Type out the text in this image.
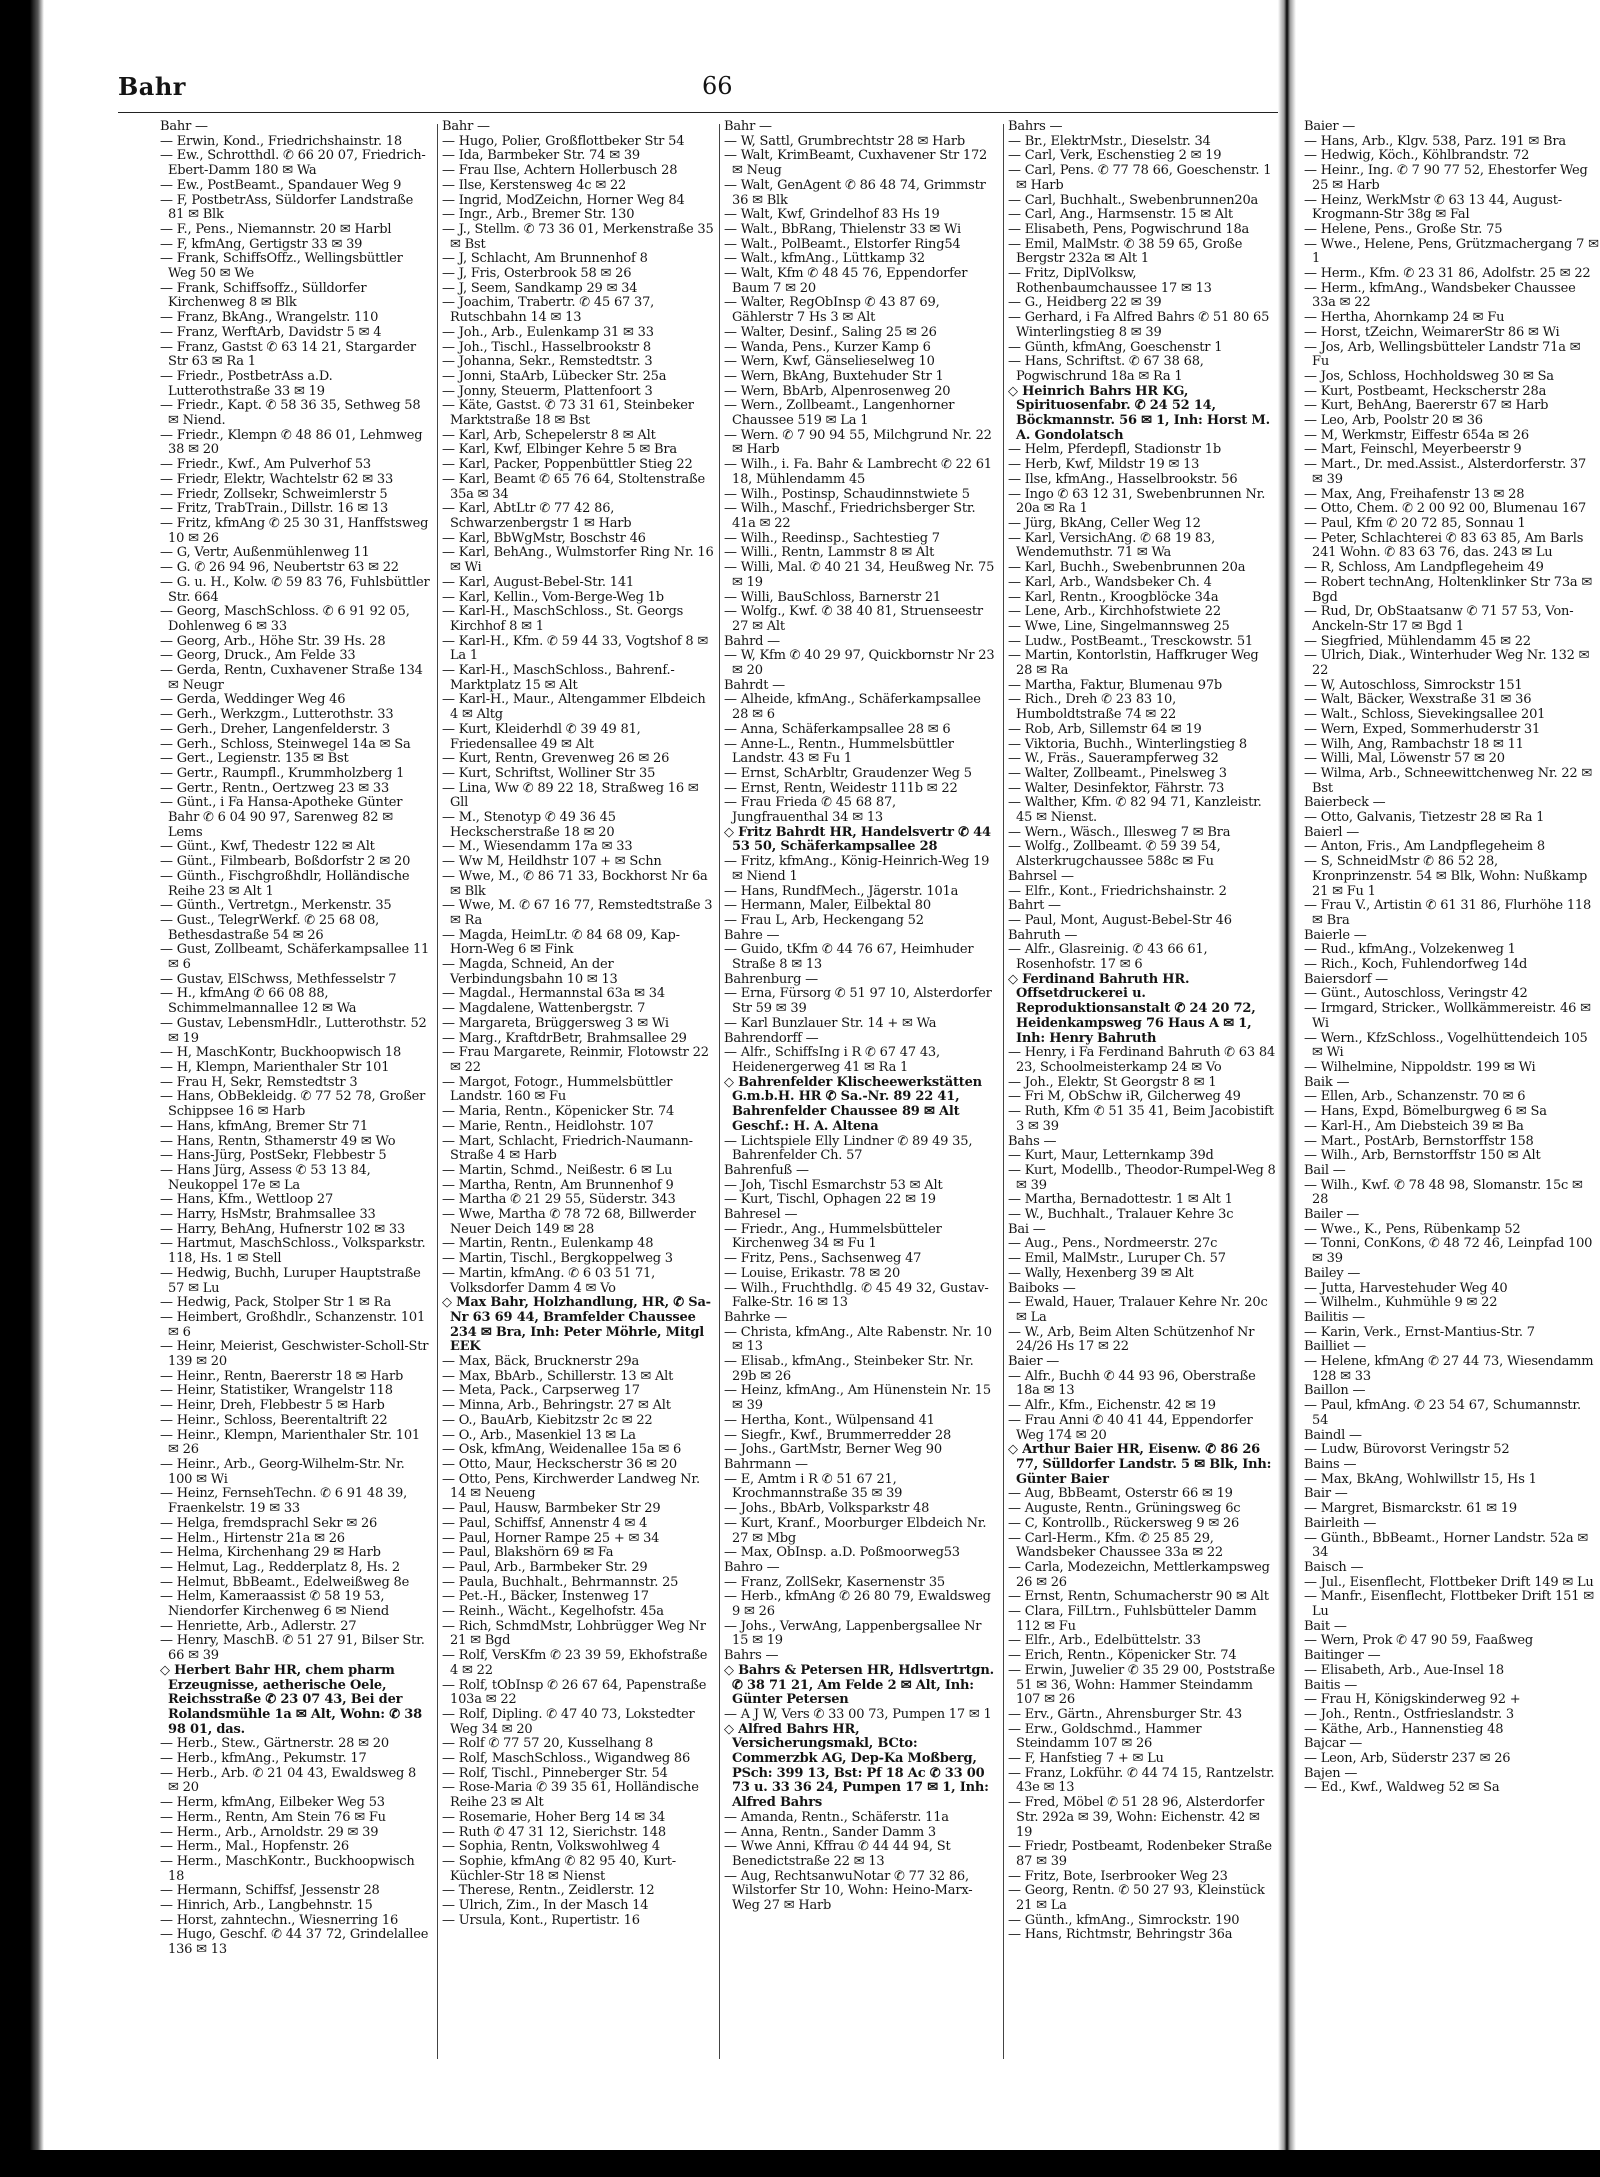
Baier —

— Hans, Arb., Klgv. 538, Parz. 191 ✉ Bra

— Hedwig, Köch., Köhlbrandstr. 72

— Heinr., Ing. ✆ 7 90 77 52, Ehestorfer Weg 25 ✉ Harb

— Heinz, WerkMstr ✆ 63 13 44, August-Krogmann-Str 38g ✉ Fal

— Helene, Pens., Große Str. 75

— Wwe., Helene, Pens, Grützmachergang 7 ✉ 1

— Herm., Kfm. ✆ 23 31 86, Adolfstr. 25 ✉ 22

— Herm., kfmAng., Wandsbeker Chaussee 33a ✉ 22

— Hertha, Ahornkamp 24 ✉ Fu

— Horst, tZeichn, WeimarerStr 86 ✉ Wi

— Jos, Arb, Wellingsbütteler Landstr 71a ✉ Fu

— Jos, Schloss, Hochholdsweg 30 ✉ Sa

— Kurt, Postbeamt, Heckscherstr 28a

— Kurt, BehAng, Baererstr 67 ✉ Harb

— Leo, Arb, Poolstr 20 ✉ 36

— M, Werkmstr, Eiffestr 654a ✉ 26

— Mart, Feinschl, Meyerbeerstr 9

— Mart., Dr. med.Assist., Alsterdorferstr. 37 ✉ 39

— Max, Ang, Freihafenstr 13 ✉ 28

— Otto, Chem. ✆ 2 00 92 00, Blumenau 167

— Paul, Kfm ✆ 20 72 85, Sonnau 1

— Peter, Schlachterei ✆ 83 63 85, Am Barls 241 Wohn. ✆ 83 63 76, das. 243 ✉ Lu

— R, Schloss, Am Landpflegeheim 49

— Robert technAng, Holtenklinker Str 73a ✉ Bgd

— Rud, Dr, ObStaatsanw ✆ 71 57 53, Von-Anckeln-Str 17 ✉ Bgd 1

— Siegfried, Mühlendamm 45 ✉ 22

— Ulrich, Diak., Winterhuder Weg Nr. 132 ✉ 22

— W, Autoschloss, Simrockstr 151

— Walt, Bäcker, Wexstraße 31 ✉ 36

— Walt., Schloss, Sievekingsallee 201

— Wern, Exped, Sommerhuderstr 31

— Wilh, Ang, Rambachstr 18 ✉ 11

— Willi, Mal, Löwenstr 57 ✉ 20

— Wilma, Arb., Schneewittchenweg Nr. 22 ✉ Bst

Baierbeck —

— Otto, Galvanis, Tietzestr 28 ✉ Ra 1

Baierl —

— Anton, Fris., Am Landpflegeheim 8

— S, SchneidMstr ✆ 86 52 28, Kronprinzenstr. 54 ✉ Blk, Wohn: Nußkamp 21 ✉ Fu 1

— Frau V., Artistin ✆ 61 31 86, Flurhöhe 118 ✉ Bra

Baierle —

— Rud., kfmAng., Volzekenweg 1

— Rich., Koch, Fuhlendorfweg 14d

Baiersdorf —

— Günt., Autoschloss, Veringstr 42

— Irmgard, Stricker., Wollkämmereistr. 46 ✉ Wi

— Wern., KfzSchloss., Vogelhüttendeich 105 ✉ Wi

— Wilhelmine, Nippoldstr. 199 ✉ Wi

Baik —

— Ellen, Arb., Schanzenstr. 70 ✉ 6

— Hans, Expd, Bömelburgweg 6 ✉ Sa

— Karl-H., Am Diebsteich 39 ✉ Ba

— Mart., PostArb, Bernstorffstr 158

— Wilh., Arb, Bernstorffstr 150 ✉ Alt

Bail —

— Wilh., Kwf. ✆ 78 48 98, Slomanstr. 15c ✉ 28

Bailer —

— Wwe., K., Pens, Rübenkamp 52

— Tonni, ConKons, ✆ 48 72 46, Leinpfad 100 ✉ 39

Bailey —

— Jutta, Harvestehuder Weg 40

— Wilhelm., Kuhmühle 9 ✉ 22

Bailitis —

— Karin, Verk., Ernst-Mantius-Str. 7

Bailliet —

— Helene, kfmAng ✆ 27 44 73, Wiesendamm 128 ✉ 33

Baillon —

— Paul, kfmAng. ✆ 23 54 67, Schumannstr. 54

Baindl —

— Ludw, Bürovorst Veringstr 52

Bains —

— Max, BkAng, Wohlwillstr 15, Hs 1

Bair —

— Margret, Bismarckstr. 61 ✉ 19

Bairleith —

— Günth., BbBeamt., Horner Landstr. 52a ✉ 34

Baisch —

— Jul., Eisenflecht, Flottbeker Drift 149 ✉ Lu

— Manfr., Eisenflecht, Flottbeker Drift 151 ✉ Lu

Bait —

— Wern, Prok ✆ 47 90 59, Faaßweg

Baitinger —

— Elisabeth, Arb., Aue-Insel 18

Baitis —

— Frau H, Königskinderweg 92 +

— Joh., Rentn., Ostfrieslandstr. 3

— Käthe, Arb., Hannenstieg 48

Bajcar —

— Leon, Arb, Süderstr 237 ✉ 26

Bajen —

— Ed., Kwf., Waldweg 52 ✉ Sa

Bahr	66

Bahr —

— Erwin, Kond., Friedrichshainstr. 18

— Ew., Schrotthdl. ✆ 66 20 07, Friedrich-Ebert-Damm 180 ✉ Wa

— Ew., PostBeamt., Spandauer Weg 9

— F, PostbetrAss, Süldorfer Landstraße 81 ✉ Blk

— F., Pens., Niemannstr. 20 ✉ Harbl

— F, kfmAng, Gertigstr 33 ✉ 39

— Frank, SchiffsOffz., Wellingsbüttler Weg 50 ✉ We

— Frank, Schiffsoffz., Sülldorfer Kirchenweg 8 ✉ Blk

— Franz, BkAng., Wrangelstr. 110

— Franz, WerftArb, Davidstr 5 ✉ 4

— Franz, Gastst ✆ 63 14 21, Stargarder Str 63 ✉ Ra 1

— Friedr., PostbetrAss a.D. Lutterothstraße 33 ✉ 19

— Friedr., Kapt. ✆ 58 36 35, Sethweg 58 ✉ Niend.

— Friedr., Klempn ✆ 48 86 01, Lehmweg 38 ✉ 20

— Friedr., Kwf., Am Pulverhof 53

— Friedr, Elektr, Wachtelstr 62 ✉ 33

— Friedr, Zollsekr, Schweimlerstr 5

— Fritz, TrabTrain., Dillstr. 16 ✉ 13

— Fritz, kfmAng ✆ 25 30 31, Hanffstsweg 10 ✉ 26

— G, Vertr, Außenmühlenweg 11

— G. ✆ 26 94 96, Neubertstr 63 ✉ 22

— G. u. H., Kolw. ✆ 59 83 76, Fuhlsbüttler Str. 664

— Georg, MaschSchloss. ✆ 6 91 92 05, Dohlenweg 6 ✉ 33

— Georg, Arb., Höhe Str. 39 Hs. 28

— Georg, Druck., Am Felde 33

— Gerda, Rentn, Cuxhavener Straße 134 ✉ Neugr

— Gerda, Weddinger Weg 46

— Gerh., Werkzgm., Lutterothstr. 33

— Gerh., Dreher, Langenfelderstr. 3

— Gerh., Schloss, Steinwegel 14a ✉ Sa

— Gert., Legienstr. 135 ✉ Bst

— Gertr., Raumpfl., Krummholzberg 1

— Gertr., Rentn., Oertzweg 23 ✉ 33

— Günt., i Fa Hansa-Apotheke Günter Bahr ✆ 6 04 90 97, Sarenweg 82 ✉ Lems

— Günt., Kwf, Thedestr 122 ✉ Alt

— Günt., Filmbearb, Boßdorfstr 2 ✉ 20

— Günth., Fischgroßhdlr, Holländische Reihe 23 ✉ Alt 1

— Günth., Vertretgn., Merkenstr. 35

— Gust., TelegrWerkf. ✆ 25 68 08, Bethesdastraße 54 ✉ 26

— Gust, Zollbeamt, Schäferkampsallee 11 ✉ 6

— Gustav, ElSchwss, Methfesselstr 7

— H., kfmAng ✆ 66 08 88, Schimmelmannallee 12 ✉ Wa

— Gustav, LebensmHdlr., Lutterothstr. 52 ✉ 19

— H, MaschKontr, Buckhoopwisch 18

— H, Klempn, Marienthaler Str 101

— Frau H, Sekr, Remstedtstr 3

— Hans, ObBekleidg. ✆ 77 52 78, Großer Schippsee 16 ✉ Harb

— Hans, kfmAng, Bremer Str 71

— Hans, Rentn, Sthamerstr 49 ✉ Wo

— Hans-Jürg, PostSekr, Flebbestr 5

— Hans Jürg, Assess ✆ 53 13 84, Neukoppel 17e ✉ La

— Hans, Kfm., Wettloop 27

— Harry, HsMstr, Brahmsallee 33

— Harry, BehAng, Hufnerstr 102 ✉ 33

— Hartmut, MaschSchloss., Volksparkstr. 118, Hs. 1 ✉ Stell

— Hedwig, Buchh, Luruper Hauptstraße 57 ✉ Lu

— Hedwig, Pack, Stolper Str 1 ✉ Ra

— Heimbert, Großhdlr., Schanzenstr. 101 ✉ 6

— Heinr, Meierist, Geschwister-Scholl-Str 139 ✉ 20

— Heinr., Rentn, Baererstr 18 ✉ Harb

— Heinr, Statistiker, Wrangelstr 118

— Heinr, Dreh, Flebbestr 5 ✉ Harb

— Heinr., Schloss, Beerentaltrift 22

— Heinr., Klempn, Marienthaler Str. 101 ✉ 26

— Heinr., Arb., Georg-Wilhelm-Str. Nr. 100 ✉ Wi

— Heinz, FernsehTechn. ✆ 6 91 48 39, Fraenkelstr. 19 ✉ 33

— Helga, fremdsprachl Sekr ✉ 26

— Helm., Hirtenstr 21a ✉ 26

— Helma, Kirchenhang 29 ✉ Harb

— Helmut, Lag., Redderplatz 8, Hs. 2

— Helmut, BbBeamt., Edelweißweg 8e

— Helm, Kameraassist ✆ 58 19 53, Niendorfer Kirchenweg 6 ✉ Niend

— Henriette, Arb., Adlerstr. 27

— Henry, MaschB. ✆ 51 27 91, Bilser Str. 66 ✉ 39

◇ Herbert Bahr HR, chem pharm Erzeugnisse, aetherische Oele, Reichsstraße ✆ 23 07 43, Bei der Rolandsmühle 1a ✉ Alt, Wohn: ✆ 38 98 01, das.

— Herb., Stew., Gärtnerstr. 28 ✉ 20

— Herb., kfmAng., Pekumstr. 17

— Herb., Arb. ✆ 21 04 43, Ewaldsweg 8 ✉ 20

— Herm, kfmAng, Eilbeker Weg 53

— Herm., Rentn, Am Stein 76 ✉ Fu

— Herm., Arb., Arnoldstr. 29 ✉ 39

— Herm., Mal., Hopfenstr. 26

— Herm., MaschKontr., Buckhoopwisch 18

— Hermann, Schiffsf, Jessenstr 28

— Hinrich, Arb., Langbehnstr. 15

— Horst, zahntechn., Wiesnerring 16

— Hugo, Geschf. ✆ 44 37 72, Grindelallee 136 ✉ 13

Bahr —

— Hugo, Polier, Großflottbeker Str 54

— Ida, Barmbeker Str. 74 ✉ 39

— Frau Ilse, Achtern Hollerbusch 28

— Ilse, Kerstensweg 4c ✉ 22

— Ingrid, ModZeichn, Horner Weg 84

— Ingr., Arb., Bremer Str. 130

— J., Stellm. ✆ 73 36 01, Merkenstraße 35 ✉ Bst

— J, Schlacht, Am Brunnenhof 8

— J, Fris, Osterbrook 58 ✉ 26

— J, Seem, Sandkamp 29 ✉ 34

— Joachim, Trabertr. ✆ 45 67 37, Rutschbahn 14 ✉ 13

— Joh., Arb., Eulenkamp 31 ✉ 33

— Joh., Tischl., Hasselbrookstr 8

— Johanna, Sekr., Remstedtstr. 3

— Jonni, StaArb, Lübecker Str. 25a

— Jonny, Steuerm, Plattenfoort 3

— Käte, Gastst. ✆ 73 31 61, Steinbeker Marktstraße 18 ✉ Bst

— Karl, Arb, Schepelerstr 8 ✉ Alt

— Karl, Kwf, Elbinger Kehre 5 ✉ Bra

— Karl, Packer, Poppenbüttler Stieg 22

— Karl, Beamt ✆ 65 76 64, Stoltenstraße 35a ✉ 34

— Karl, AbtLtr ✆ 77 42 86, Schwarzenbergstr 1 ✉ Harb

— Karl, BbWgMstr, Boschstr 46

— Karl, BehAng., Wulmstorfer Ring Nr. 16 ✉ Wi

— Karl, August-Bebel-Str. 141

— Karl, Kellin., Vom-Berge-Weg 1b

— Karl-H., MaschSchloss., St. Georgs Kirchhof 8 ✉ 1

— Karl-H., Kfm. ✆ 59 44 33, Vogtshof 8 ✉ La 1

— Karl-H., MaschSchloss., Bahrenf.-Marktplatz 15 ✉ Alt

— Karl-H., Maur., Altengammer Elbdeich 4 ✉ Altg

— Kurt, Kleiderhdl ✆ 39 49 81, Friedensallee 49 ✉ Alt

— Kurt, Rentn, Grevenweg 26 ✉ 26

— Kurt, Schriftst, Wolliner Str 35

— Lina, Ww ✆ 89 22 18, Straßweg 16 ✉ Gll

— M., Stenotyp ✆ 49 36 45 Heckscherstraße 18 ✉ 20

— M., Wiesendamm 17a ✉ 33

— Ww M, Heildhstr 107 + ✉ Schn

— Wwe, M., ✆ 86 71 33, Bockhorst Nr 6a ✉ Blk

— Wwe, M. ✆ 67 16 77, Remstedtstraße 3 ✉ Ra

— Magda, HeimLtr. ✆ 84 68 09, Kap-Horn-Weg 6 ✉ Fink

— Magda, Schneid, An der Verbindungsbahn 10 ✉ 13

— Magdal., Hermannstal 63a ✉ 34

— Magdalene, Wattenbergstr. 7

— Margareta, Brüggersweg 3 ✉ Wi

— Marg., KraftdrBetr, Brahmsallee 29

— Frau Margarete, Reinmir, Flotowstr 22 ✉ 22

— Margot, Fotogr., Hummelsbüttler Landstr. 160 ✉ Fu

— Maria, Rentn., Köpenicker Str. 74

— Marie, Rentn., Heidlohstr. 107

— Mart, Schlacht, Friedrich-Naumann-Straße 4 ✉ Harb

— Martin, Schmd., Neißestr. 6 ✉ Lu

— Martha, Rentn, Am Brunnenhof 9

— Martha ✆ 21 29 55, Süderstr. 343

— Wwe, Martha ✆ 78 72 68, Billwerder Neuer Deich 149 ✉ 28

— Martin, Rentn., Eulenkamp 48

— Martin, Tischl., Bergkoppelweg 3

— Martin, kfmAng. ✆ 6 03 51 71, Volksdorfer Damm 4 ✉ Vo

◇ Max Bahr, Holzhandlung, HR, ✆ Sa-Nr 63 69 44, Bramfelder Chaussee 234 ✉ Bra, Inh: Peter Möhrle, Mitgl EEK

— Max, Bäck, Brucknerstr 29a

— Max, BbArb., Schillerstr. 13 ✉ Alt

— Meta, Pack., Carpserweg 17

— Minna, Arb., Behringstr. 27 ✉ Alt

— O., BauArb, Kiebitzstr 2c ✉ 22

— O., Arb., Masenkiel 13 ✉ La

— Osk, kfmAng, Weidenallee 15a ✉ 6

— Otto, Maur, Heckscherstr 36 ✉ 20

— Otto, Pens, Kirchwerder Landweg Nr. 14 ✉ Neueng

— Paul, Hausw, Barmbeker Str 29

— Paul, Schiffsf, Annenstr 4 ✉ 4

— Paul, Horner Rampe 25 + ✉ 34

— Paul, Blakshörn 69 ✉ Fa

— Paul, Arb., Barmbeker Str. 29

— Paula, Buchhalt., Behrmannstr. 25

— Pet.-H., Bäcker, Instenweg 17

— Reinh., Wächt., Kegelhofstr. 45a

— Rich, SchmdMstr, Lohbrügger Weg Nr 21 ✉ Bgd

— Rolf, VersKfm ✆ 23 39 59, Ekhofstraße 4 ✉ 22

— Rolf, tObInsp ✆ 26 67 64, Papenstraße 103a ✉ 22

— Rolf, Dipling. ✆ 47 40 73, Lokstedter Weg 34 ✉ 20

— Rolf ✆ 77 57 20, Kusselhang 8

— Rolf, MaschSchloss., Wigandweg 86

— Rolf, Tischl., Pinneberger Str. 54

— Rose-Maria ✆ 39 35 61, Holländische Reihe 23 ✉ Alt

— Rosemarie, Hoher Berg 14 ✉ 34

— Ruth ✆ 47 31 12, Sierichstr. 148

— Sophia, Rentn, Volkswohlweg 4

— Sophie, kfmAng ✆ 82 95 40, Kurt-Küchler-Str 18 ✉ Nienst

— Therese, Rentn., Zeidlerstr. 12

— Ulrich, Zim., In der Masch 14

— Ursula, Kont., Rupertistr. 16

Bahr —

— W, Sattl, Grumbrechtstr 28 ✉ Harb

— Walt, KrimBeamt, Cuxhavener Str 172 ✉ Neug

— Walt, GenAgent ✆ 86 48 74, Grimmstr 36 ✉ Blk

— Walt, Kwf, Grindelhof 83 Hs 19

— Walt., BbRang, Thielenstr 33 ✉ Wi

— Walt., PolBeamt., Elstorfer Ring54

— Walt., kfmAng., Lüttkamp 32

— Walt, Kfm ✆ 48 45 76, Eppendorfer Baum 7 ✉ 20

— Walter, RegObInsp ✆ 43 87 69, Gählerstr 7 Hs 3 ✉ Alt

— Walter, Desinf., Saling 25 ✉ 26

— Wanda, Pens., Kurzer Kamp 6

— Wern, Kwf, Gänselieselweg 10

— Wern, BkAng, Buxtehuder Str 1

— Wern, BbArb, Alpenrosenweg 20

— Wern., Zollbeamt., Langenhorner Chaussee 519 ✉ La 1

— Wern. ✆ 7 90 94 55, Milchgrund Nr. 22 ✉ Harb

— Wilh., i. Fa. Bahr & Lambrecht ✆ 22 61 18, Mühlendamm 45

— Wilh., Postinsp, Schaudinnstwiete 5

— Wilh., Maschf., Friedrichsberger Str. 41a ✉ 22

— Wilh., Reedinsp., Sachtestieg 7

— Willi., Rentn, Lammstr 8 ✉ Alt

— Willi, Mal. ✆ 40 21 34, Heußweg Nr. 75 ✉ 19

— Willi, BauSchloss, Barnerstr 21

— Wolfg., Kwf. ✆ 38 40 81, Struenseestr 27 ✉ Alt

Bahrd —

— W, Kfm ✆ 40 29 97, Quickbornstr Nr 23 ✉ 20

Bahrdt —

— Alheide, kfmAng., Schäferkampsallee 28 ✉ 6

— Anna, Schäferkampsallee 28 ✉ 6

— Anne-L., Rentn., Hummelsbüttler Landstr. 43 ✉ Fu 1

— Ernst, SchArbltr, Graudenzer Weg 5

— Ernst, Rentn, Weidestr 111b ✉ 22

— Frau Frieda ✆ 45 68 87, Jungfrauenthal 34 ✉ 13

◇ Fritz Bahrdt HR, Handelsvertr ✆ 44 53 50, Schäferkampsallee 28

— Fritz, kfmAng., König-Heinrich-Weg 19 ✉ Niend 1

— Hans, RundfMech., Jägerstr. 101a

— Hermann, Maler, Eilbektal 80

— Frau L, Arb, Heckengang 52

Bahre —

— Guido, tKfm ✆ 44 76 67, Heimhuder Straße 8 ✉ 13

Bahrenburg —

— Erna, Fürsorg ✆ 51 97 10, Alsterdorfer Str 59 ✉ 39

— Karl Bunzlauer Str. 14 + ✉ Wa

Bahrendorff —

— Alfr., SchiffsIng i R ✆ 67 47 43, Heidenergerweg 41 ✉ Ra 1

◇ Bahrenfelder Klischeewerkstätten G.m.b.H. HR ✆ Sa.-Nr. 89 22 41, Bahrenfelder Chaussee 89 ✉ Alt Geschf.: H. A. Altena

— Lichtspiele Elly Lindner ✆ 89 49 35, Bahrenfelder Ch. 57

Bahrenfuß —

— Joh, Tischl Esmarchstr 53 ✉ Alt

— Kurt, Tischl, Ophagen 22 ✉ 19

Bahresel —

— Friedr., Ang., Hummelsbütteler Kirchenweg 34 ✉ Fu 1

— Fritz, Pens., Sachsenweg 47

— Louise, Erikastr. 78 ✉ 20

— Wilh., Fruchthdlg. ✆ 45 49 32, Gustav-Falke-Str. 16 ✉ 13

Bahrke —

— Christa, kfmAng., Alte Rabenstr. Nr. 10 ✉ 13

— Elisab., kfmAng., Steinbeker Str. Nr. 29b ✉ 26

— Heinz, kfmAng., Am Hünenstein Nr. 15 ✉ 39

— Hertha, Kont., Wülpensand 41

— Siegfr., Kwf., Brummerredder 28

— Johs., GartMstr, Berner Weg 90

Bahrmann —

— E, Amtm i R ✆ 51 67 21, Krochmannstraße 35 ✉ 39

— Johs., BbArb, Volksparkstr 48

— Kurt, Kranf., Moorburger Elbdeich Nr. 27 ✉ Mbg

— Max, ObInsp. a.D. Poßmoorweg53

Bahro —

— Franz, ZollSekr, Kasernenstr 35

— Herb., kfmAng ✆ 26 80 79, Ewaldsweg 9 ✉ 26

— Johs., VerwAng, Lappenbergsallee Nr 15 ✉ 19

Bahrs —

◇ Bahrs & Petersen HR, Hdlsvertrtgn. ✆ 38 71 21, Am Felde 2 ✉ Alt, Inh: Günter Petersen

— A J W, Vers ✆ 33 00 73, Pumpen 17 ✉ 1

◇ Alfred Bahrs HR, Versicherungsmakl, BCto: Commerzbk AG, Dep-Ka Moßberg, PSch: 399 13, Bst: Pf 18 Ac ✆ 33 00 73 u. 33 36 24, Pumpen 17 ✉ 1, Inh: Alfred Bahrs

— Amanda, Rentn., Schäferstr. 11a

— Anna, Rentn., Sander Damm 3

— Wwe Anni, Kffrau ✆ 44 44 94, St Benedictstraße 22 ✉ 13

— Aug, RechtsanwuNotar ✆ 77 32 86, Wilstorfer Str 10, Wohn: Heino-Marx-Weg 27 ✉ Harb

Bahrs —

— Br., ElektrMstr., Dieselstr. 34

— Carl, Verk, Eschenstieg 2 ✉ 19

— Carl, Pens. ✆ 77 78 66, Goeschenstr. 1 ✉ Harb

— Carl, Buchhalt., Swebenbrunnen20a

— Carl, Ang., Harmsenstr. 15 ✉ Alt

— Elisabeth, Pens, Pogwischrund 18a

— Emil, MalMstr. ✆ 38 59 65, Große Bergstr 232a ✉ Alt 1

— Fritz, DiplVolksw, Rothenbaumchaussee 17 ✉ 13

— G., Heidberg 22 ✉ 39

— Gerhard, i Fa Alfred Bahrs ✆ 51 80 65 Winterlingstieg 8 ✉ 39

— Günth, kfmAng, Goeschenstr 1

— Hans, Schriftst. ✆ 67 38 68, Pogwischrund 18a ✉ Ra 1

◇ Heinrich Bahrs HR KG, Spirituosenfabr. ✆ 24 52 14, Böckmannstr. 56 ✉ 1, Inh: Horst M. A. Gondolatsch

— Helm, Pferdepfl, Stadionstr 1b

— Herb, Kwf, Mildstr 19 ✉ 13

— Ilse, kfmAng., Hasselbrookstr. 56

— Ingo ✆ 63 12 31, Swebenbrunnen Nr. 20a ✉ Ra 1

— Jürg, BkAng, Celler Weg 12

— Karl, VersichAng. ✆ 68 19 83, Wendemuthstr. 71 ✉ Wa

— Karl, Buchh., Swebenbrunnen 20a

— Karl, Arb., Wandsbeker Ch. 4

— Karl, Rentn., Kroogblöcke 34a

— Lene, Arb., Kirchhofstwiete 22

— Wwe, Line, Singelmannsweg 25

— Ludw., PostBeamt., Tresckowstr. 51

— Martin, Kontorlstin, Haffkruger Weg 28 ✉ Ra

— Martha, Faktur, Blumenau 97b

— Rich., Dreh ✆ 23 83 10, Humboldtstraße 74 ✉ 22

— Rob, Arb, Sillemstr 64 ✉ 19

— Viktoria, Buchh., Winterlingstieg 8

— W., Fräs., Sauerampferweg 32

— Walter, Zollbeamt., Pinelsweg 3

— Walter, Desinfektor, Fährstr. 73

— Walther, Kfm. ✆ 82 94 71, Kanzleistr. 45 ✉ Nienst.

— Wern., Wäsch., Illesweg 7 ✉ Bra

— Wolfg., Zollbeamt. ✆ 59 39 54, Alsterkrugchaussee 588c ✉ Fu

Bahrsel —

— Elfr., Kont., Friedrichshainstr. 2

Bahrt —

— Paul, Mont, August-Bebel-Str 46

Bahruth —

— Alfr., Glasreinig. ✆ 43 66 61, Rosenhofstr. 17 ✉ 6

◇ Ferdinand Bahruth HR. Offsetdruckerei u. Reproduktionsanstalt ✆ 24 20 72, Heidenkampsweg 76 Haus A ✉ 1, Inh: Henry Bahruth

— Henry, i Fa Ferdinand Bahruth ✆ 63 84 23, Schoolmeisterkamp 24 ✉ Vo

— Joh., Elektr, St Georgstr 8 ✉ 1

— Fri M, ObSchw iR, Gilcherweg 49

— Ruth, Kfm ✆ 51 35 41, Beim Jacobistift 3 ✉ 39

Bahs —

— Kurt, Maur, Letternkamp 39d

— Kurt, Modellb., Theodor-Rumpel-Weg 8 ✉ 39

— Martha, Bernadottestr. 1 ✉ Alt 1

— W., Buchhalt., Tralauer Kehre 3c

Bai —

— Aug., Pens., Nordmeerstr. 27c

— Emil, MalMstr., Luruper Ch. 57

— Wally, Hexenberg 39 ✉ Alt

Baiboks —

— Ewald, Hauer, Tralauer Kehre Nr. 20c ✉ La

— W., Arb, Beim Alten Schützenhof Nr 24/26 Hs 17 ✉ 22

Baier —

— Alfr., Buchh ✆ 44 93 96, Oberstraße 18a ✉ 13

— Alfr., Kfm., Eichenstr. 42 ✉ 19

— Frau Anni ✆ 40 41 44, Eppendorfer Weg 174 ✉ 20

◇ Arthur Baier HR, Eisenw. ✆ 86 26 77, Sülldorfer Landstr. 5 ✉ Blk, Inh: Günter Baier

— Aug, BbBeamt, Osterstr 66 ✉ 19

— Auguste, Rentn., Grüningsweg 6c

— C, Kontrollb., Rückersweg 9 ✉ 26

— Carl-Herm., Kfm. ✆ 25 85 29, Wandsbeker Chaussee 33a ✉ 22

— Carla, Modezeichn, Mettlerkampsweg 26 ✉ 26

— Ernst, Rentn, Schumacherstr 90 ✉ Alt

— Clara, FilLtrn., Fuhlsbütteler Damm 112 ✉ Fu

— Elfr., Arb., Edelbüttelstr. 33

— Erich, Rentn., Köpenicker Str. 74

— Erwin, Juwelier ✆ 35 29 00, Poststraße 51 ✉ 36, Wohn: Hammer Steindamm 107 ✉ 26

— Erv., Gärtn., Ahrensburger Str. 43

— Erw., Goldschmd., Hammer Steindamm 107 ✉ 26

— F, Hanfstieg 7 + ✉ Lu

— Franz, Lokführ. ✆ 44 74 15, Rantzelstr. 43e ✉ 13

— Fred, Möbel ✆ 51 28 96, Alsterdorfer Str. 292a ✉ 39, Wohn: Eichenstr. 42 ✉ 19

— Friedr, Postbeamt, Rodenbeker Straße 87 ✉ 39

— Fritz, Bote, Iserbrooker Weg 23

— Georg, Rentn. ✆ 50 27 93, Kleinstück 21 ✉ La

— Günth., kfmAng., Simrockstr. 190

— Hans, Richtmstr, Behringstr 36a
